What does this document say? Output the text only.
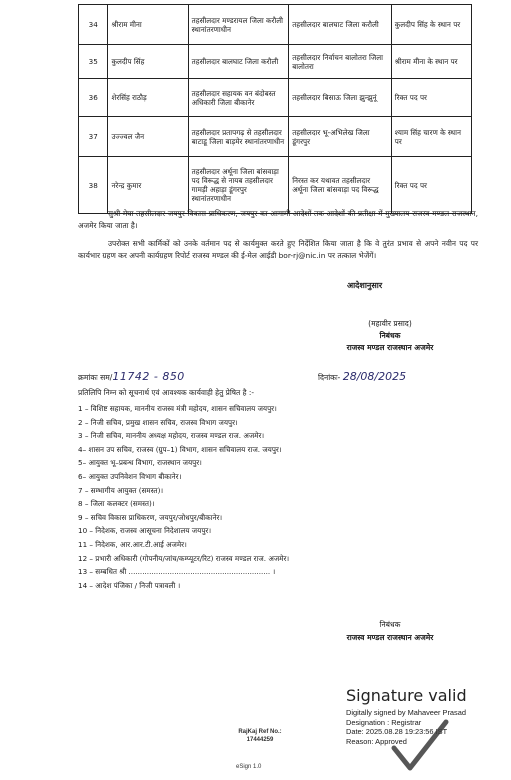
34	श्रीराम मीना	तहसीलदार मण्डरायल जिला करौली स्थानांतरणाधीन	तहसीलदार बालघाट जिला करौली	कुलदीप सिंह के स्थान पर
35	कुलदीप सिंह	तहसीलदार बालघाट जिला करौली	तहसीलदार निर्वाचन बालोतरा जिला बालोतरा	श्रीराम मीना के स्थान पर
36	शेरसिंह राठौड़	तहसीलदार सहायक वन बंदोबस्त अधिकारी जिला बीकानेर	तहसीलदार बिसाऊ जिला झुन्झुनूं	रिक्त पद पर
37	उज्ज्वल जैन	तहसीलदार प्रतापगढ़ से तहसीलदार बाटाडू जिला बाड़मेर स्थानांतरणाधीन	तहसीलदार भू-अभिलेख जिला डूंगरपुर	श्याम सिंह चारण के स्थान पर
38	नरेन्द्र कुमार	तहसीलदार अर्थूना जिला बांसवाड़ा पद विरूद्ध से नायब तहसीलदार गामड़ी अहाड़ा डूंगरपुर स्थानांतरणाधीन	निरस्त कर यथावत तहसीलदार अर्थूना जिला बांसवाड़ा पद विरूद्ध	रिक्त पद पर
सुश्री मेघा तहसीलदार जयपुर विकास प्राधिकरण, जयपुर का आगामी आदेशों तक आदेशों की प्रतीक्षा में मुख्यालय राजस्व मण्डल राजस्थान, अजमेर किया जाता है।
उपरोक्त सभी कार्मिकों को उनके वर्तमान पद से कार्यमुक्त करते हुए निर्देशित किया जाता है कि वे तुरंत प्रभाव से अपने नवीन पद पर कार्यभार ग्रहण कर अपनी कार्यग्रहण रिपोर्ट राजस्व मण्डल की ई-मेल आईडी bor-rj@nic.in पर तत्काल भेजेंगें।
आदेशानुसार
(महावीर प्रसाद)
निबंधक
राजस्व मण्डल राजस्थान अजमेर
क्रमांकः सम/11742 - 850	दिनांकः- 28/08/2025
प्रतिलिपि निम्न को सूचनार्थ एवं आवश्यक कार्यवाही हेतु प्रेषित है :-
1 – विशिष्ट सहायक, माननीय राजस्व मंत्री महोदय, शासन सचिवालय जयपुर।
2 – निजी सचिव, प्रमुख शासन सचिव, राजस्व विभाग जयपुर।
3 – निजी सचिव, माननीय अध्यक्ष महोदय, राजस्व मण्डल राज. अजमेर।
4– शासन उप सचिव, राजस्व (ग्रुप–1) विभाग, शासन सचिवालय राज. जयपुर।
5– आयुक्त भू–प्रबन्ध विभाग, राजस्थान जयपुर।
6– आयुक्त उपनिवेशन विभाग बीकानेर।
7 – सम्भागीय आयुक्त (समस्त)।
8 – जिला कलक्टर (समस्त)।
9 – सचिव विकास प्राधिकरण, जयपुर/जोधपुर/बीकानेर।
10 – निदेशक, राजस्व आसूचना निदेशालय जयपुर।
11 – निदेशक, आर.आर.टी.आई अजमेर।
12 – प्रभारी अधिकारी (गोपनीय/जांच/कम्प्यूटर/रिट) राजस्व मण्डल राज. अजमेर।
13 – सम्बधित श्री .............................................................. ।
14 – आदेश पंजिका / निजी पत्रावली ।
निबंधक
राजस्व मण्डल राजस्थान अजमेर
RajKaj Ref No.:
17444259
eSign 1.0
Signature valid
Digitally signed by Mahaveer Prasad
Designation : Registrar
Date: 2025.08.28 19:23:56 IST
Reason: Approved
